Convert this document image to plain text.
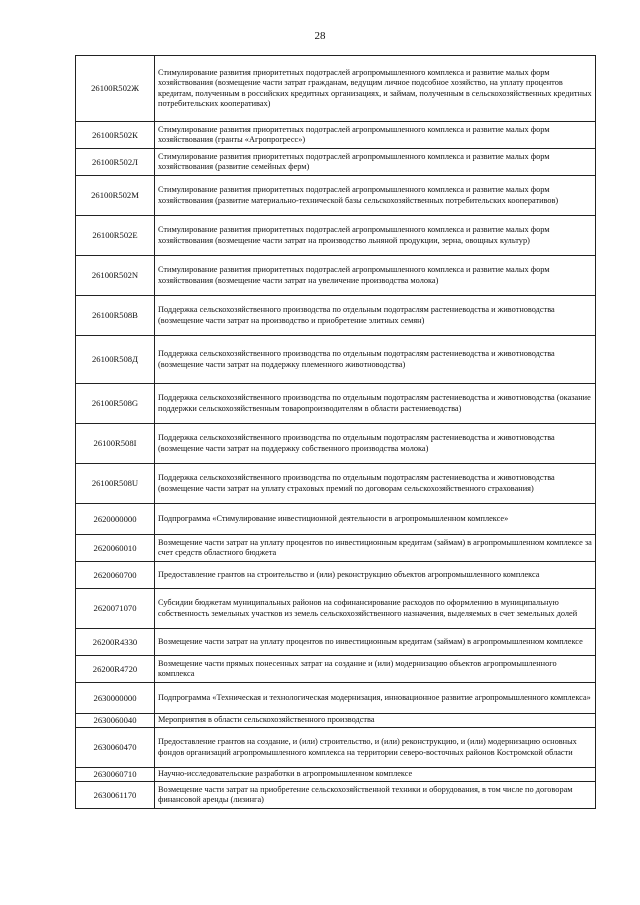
28
26100R502Ж	Стимулирование развития приоритетных подотраслей агропромышленного комплекса и развитие малых форм хозяйствования (возмещение части затрат гражданам, ведущим личное подсобное хозяйство, на уплату процентов кредитам, полученным в российских кредитных организациях, и займам, полученным в сельскохозяйственных кредитных потребительских кооперативах)
26100R502К	Стимулирование развития приоритетных подотраслей агропромышленного комплекса и развитие малых форм хозяйствования (гранты «Агропрогресс»)
26100R502Л	Стимулирование развития приоритетных подотраслей агропромышленного комплекса и развитие малых форм хозяйствования (развитие семейных ферм)
26100R502М	Стимулирование развития приоритетных подотраслей агропромышленного комплекса и развитие малых форм хозяйствования (развитие материально-технической базы сельскохозяйственных потребительских кооперативов)
26100R502Е	Стимулирование развития приоритетных подотраслей агропромышленного комплекса и развитие малых форм хозяйствования (возмещение части затрат на производство льняной продукции, зерна, овощных культур)
26100R502N	Стимулирование развития приоритетных подотраслей агропромышленного комплекса и развитие малых форм хозяйствования (возмещение части затрат на увеличение производства молока)
26100R508В	Поддержка сельскохозяйственного производства по отдельным подотраслям растениеводства и животноводства (возмещение части затрат на производство и приобретение элитных семян)
26100R508Д	Поддержка сельскохозяйственного производства по отдельным подотраслям растениеводства и животноводства (возмещение части затрат на поддержку племенного животноводства)
26100R508G	Поддержка сельскохозяйственного производства по отдельным подотраслям растениеводства и животноводства (оказание поддержки сельскохозяйственным товаропроизводителям в области растениеводства)
26100R508I	Поддержка сельскохозяйственного производства по отдельным подотраслям растениеводства и животноводства (возмещение части затрат на поддержку собственного производства молока)
26100R508U	Поддержка сельскохозяйственного производства по отдельным подотраслям растениеводства и животноводства (возмещение части затрат на уплату страховых премий по договорам сельскохозяйственного страхования)
2620000000	Подпрограмма «Стимулирование инвестиционной деятельности в агропромышленном комплексе»
2620060010	Возмещение части затрат на уплату процентов по инвестиционным кредитам (займам) в агропромышленном комплексе за счет средств областного бюджета
2620060700	Предоставление грантов на строительство и (или) реконструкцию объектов агропромышленного комплекса
2620071070	Субсидии бюджетам муниципальных районов на софинансирование расходов по оформлению в муниципальную собственность земельных участков из земель сельскохозяйственного назначения, выделяемых в счет земельных долей
26200R4330	Возмещение части затрат на уплату процентов по инвестиционным кредитам (займам) в агропромышленном комплексе
26200R4720	Возмещение части прямых понесенных затрат на создание и (или) модернизацию объектов агропромышленного комплекса
2630000000	Подпрограмма «Техническая и технологическая модернизация, инновационное развитие агропромышленного комплекса»
2630060040	Мероприятия в области сельскохозяйственного производства
2630060470	Предоставление грантов на создание, и (или) строительство, и (или) реконструкцию, и (или) модернизацию основных фондов организаций агропромышленного комплекса на территории северо-восточных районов Костромской области
2630060710	Научно-исследовательские разработки в агропромышленном комплексе
2630061170	Возмещение части затрат на приобретение сельскохозяйственной техники и оборудования, в том числе по договорам финансовой аренды (лизинга)
